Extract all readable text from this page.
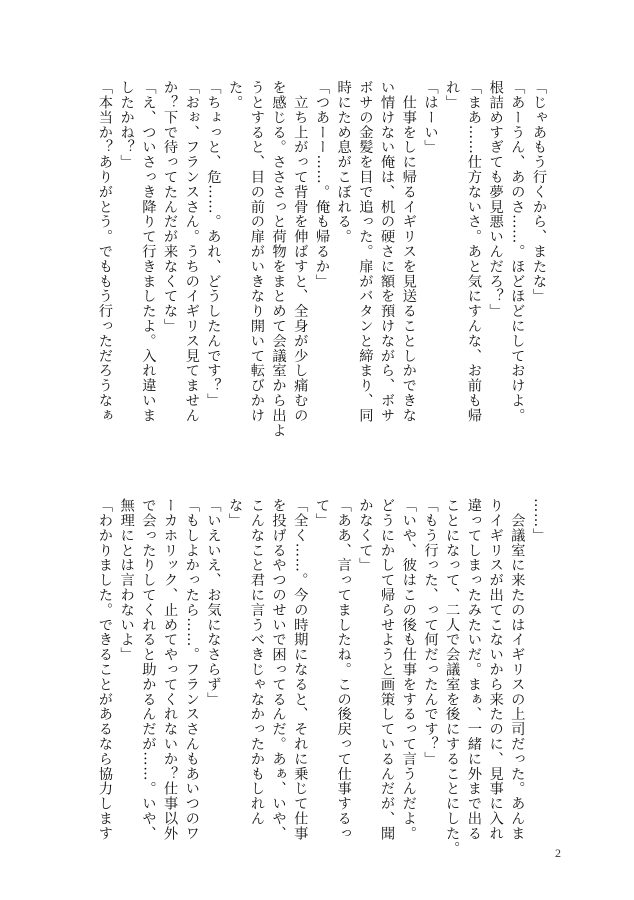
「じゃあもう行くから、またな」

「あーうん、あのさ……。ほどほどにしておけよ。

根詰めすぎても夢見悪いんだろ？」

「まあ……仕方ないさ。あと気にすんな、お前も帰

れ」

「はーい」

　仕事をしに帰るイギリスを見送ることしかできな

い情けない俺は、机の硬さに額を預けながら、ボサ

ボサの金髪を目で追った。扉がバタンと締まり、同

時にため息がこぼれる。

「つあーー……。俺も帰るか」

　立ち上がって背骨を伸ばすと、全身が少し痛むの

を感じる。さささっと荷物をまとめて会議室から出よ

うとすると、目の前の扉がいきなり開いて転びかけ

た。

「ちょっと、危……。あれ、どうしたんです？」

「おぉ、フランスさん。うちのイギリス見てません

か？下で待ってたんだが来なくてな」

「え、ついさっき降りて行きましたよ。入れ違いま

したかね？」

「本当か？ありがとう。でももう行っただろうなぁ

……」

　会議室に来たのはイギリスの上司だった。あんま

りイギリスが出てこないから来たのに、見事に入れ

違ってしまったみたいだ。まぁ、一緒に外まで出る

ことになって、二人で会議室を後にすることにした。

「もう行った、って何だったんです？」

「いや、彼はこの後も仕事をするって言うんだよ。

どうにかして帰らせようと画策しているんだが、聞

かなくて」

「ああ、言ってましたね。この後戻って仕事するっ

て」

「全く……。今の時期になると、それに乗じて仕事

を投げるやつのせいで困ってるんだ。あぁ、いや、

こんなこと君に言うべきじゃなかったかもしれん

な」

「いえいえ、お気になさらず」

「もしよかったら……。フランスさんもあいつのワ

ーカホリック、止めてやってくれないか？仕事以外

で会ったりしてくれると助かるんだが……。いや、

無理にとは言わないよ」

「わかりました。できることがあるなら協力します

2
